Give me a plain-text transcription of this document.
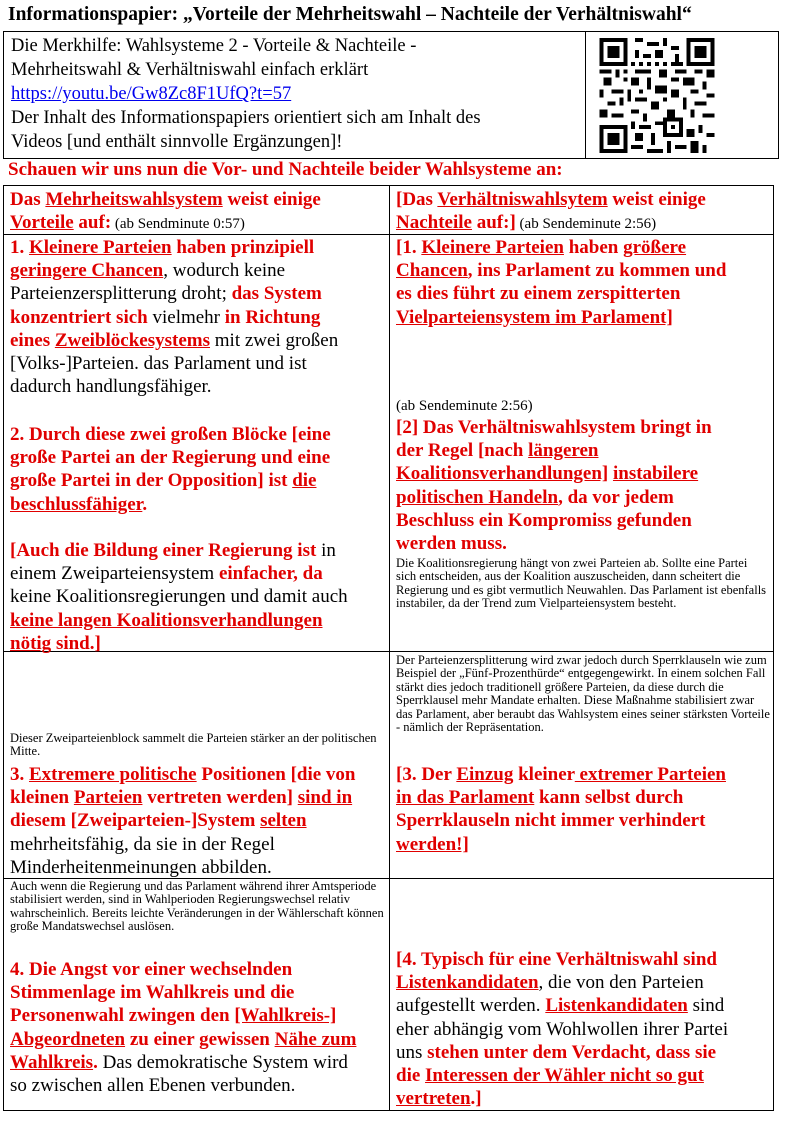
Informationspapier: „Vorteile der Mehrheitswahl – Nachteile der Verhältniswahl“
Die Merkhilfe: Wahlsysteme 2 - Vorteile & Nachteile -
Mehrheitswahl & Verhältniswahl einfach erklärt
https://youtu.be/Gw8Zc8F1UfQ?t=57
Der Inhalt des Informationspapiers orientiert sich am Inhalt des
Videos [und enthält sinnvolle Ergänzungen]!
Schauen wir uns nun die Vor- und Nachteile beider Wahlsysteme an:

Das Mehrheitswahlsystem weist einige

Vorteile auf: (ab Sendminute 0:57)

[Das Verhältniswahlsytem weist einige

Nachteile auf:] (ab Sendeminute 2:56)

1. Kleinere Parteien haben prinzipiell

geringere Chancen, wodurch keine

Parteienzersplitterung droht; das System

konzentriert sich vielmehr in Richtung

eines Zweiblöckesystems mit zwei großen

[Volks-]Parteien. das Parlament und ist

dadurch handlungsfähiger.

2. Durch diese zwei großen Blöcke [eine

große Partei an der Regierung und eine

große Partei in der Opposition] ist die

beschlussfähiger.

[Auch die Bildung einer Regierung ist in

einem Zweiparteiensystem einfacher, da

keine Koalitionsregierungen und damit auch

keine langen Koalitionsverhandlungen

nötig sind.]

[1. Kleinere Parteien haben größere

Chancen, ins Parlament zu kommen und

es dies führt zu einem zerspitterten

Vielparteiensystem im Parlament]

(ab Sendeminute 2:56)

[2] Das Verhältniswahlsystem bringt in

der Regel [nach längeren

Koalitionsverhandlungen] instabilere

politischen Handeln, da vor jedem

Beschluss ein Kompromiss gefunden

werden muss.

Die Koalitionsregierung hängt von zwei Parteien ab. Sollte eine Partei sich entscheiden, aus der Koalition auszuscheiden, dann scheitert die Regierung und es gibt vermutlich Neuwahlen. Das Parlament ist ebenfalls instabiler, da der Trend zum Vielparteiensystem besteht.

Dieser Zweiparteienblock sammelt die Parteien stärker an der politischen Mitte.

3. Extremere politische Positionen [die von

kleinen Parteien vertreten werden] sind in

diesem [Zweiparteien-]System selten

mehrheitsfähig, da sie in der Regel

Minderheitenmeinungen abbilden.

Der Parteienzersplitterung wird zwar jedoch durch Sperrklauseln wie zum Beispiel der „Fünf-Prozenthürde“ entgegengewirkt. In einem solchen Fall stärkt dies jedoch traditionell größere Parteien, da diese durch die Sperrklausel mehr Mandate erhalten. Diese Maßnahme stabilisiert zwar das Parlament, aber beraubt das Wahlsystem eines seiner stärksten Vorteile - nämlich der Repräsentation.

[3. Der Einzug kleiner extremer Parteien

in das Parlament kann selbst durch

Sperrklauseln nicht immer verhindert

werden!]

Auch wenn die Regierung und das Parlament während ihrer Amtsperiode stabilisiert werden, sind in Wahlperioden Regierungswechsel relativ wahrscheinlich. Bereits leichte Veränderungen in der Wählerschaft können große Mandatswechsel auslösen.

4. Die Angst vor einer wechselnden

Stimmenlage im Wahlkreis und die

Personenwahl zwingen den [Wahlkreis-]

Abgeordneten zu einer gewissen Nähe zum

Wahlkreis. Das demokratische System wird

so zwischen allen Ebenen verbunden.

[4. Typisch für eine Verhältniswahl sind

Listenkandidaten, die von den Parteien

aufgestellt werden. Listenkandidaten sind

eher abhängig vom Wohlwollen ihrer Partei

uns stehen unter dem Verdacht, dass sie

die Interessen der Wähler nicht so gut

vertreten.]
